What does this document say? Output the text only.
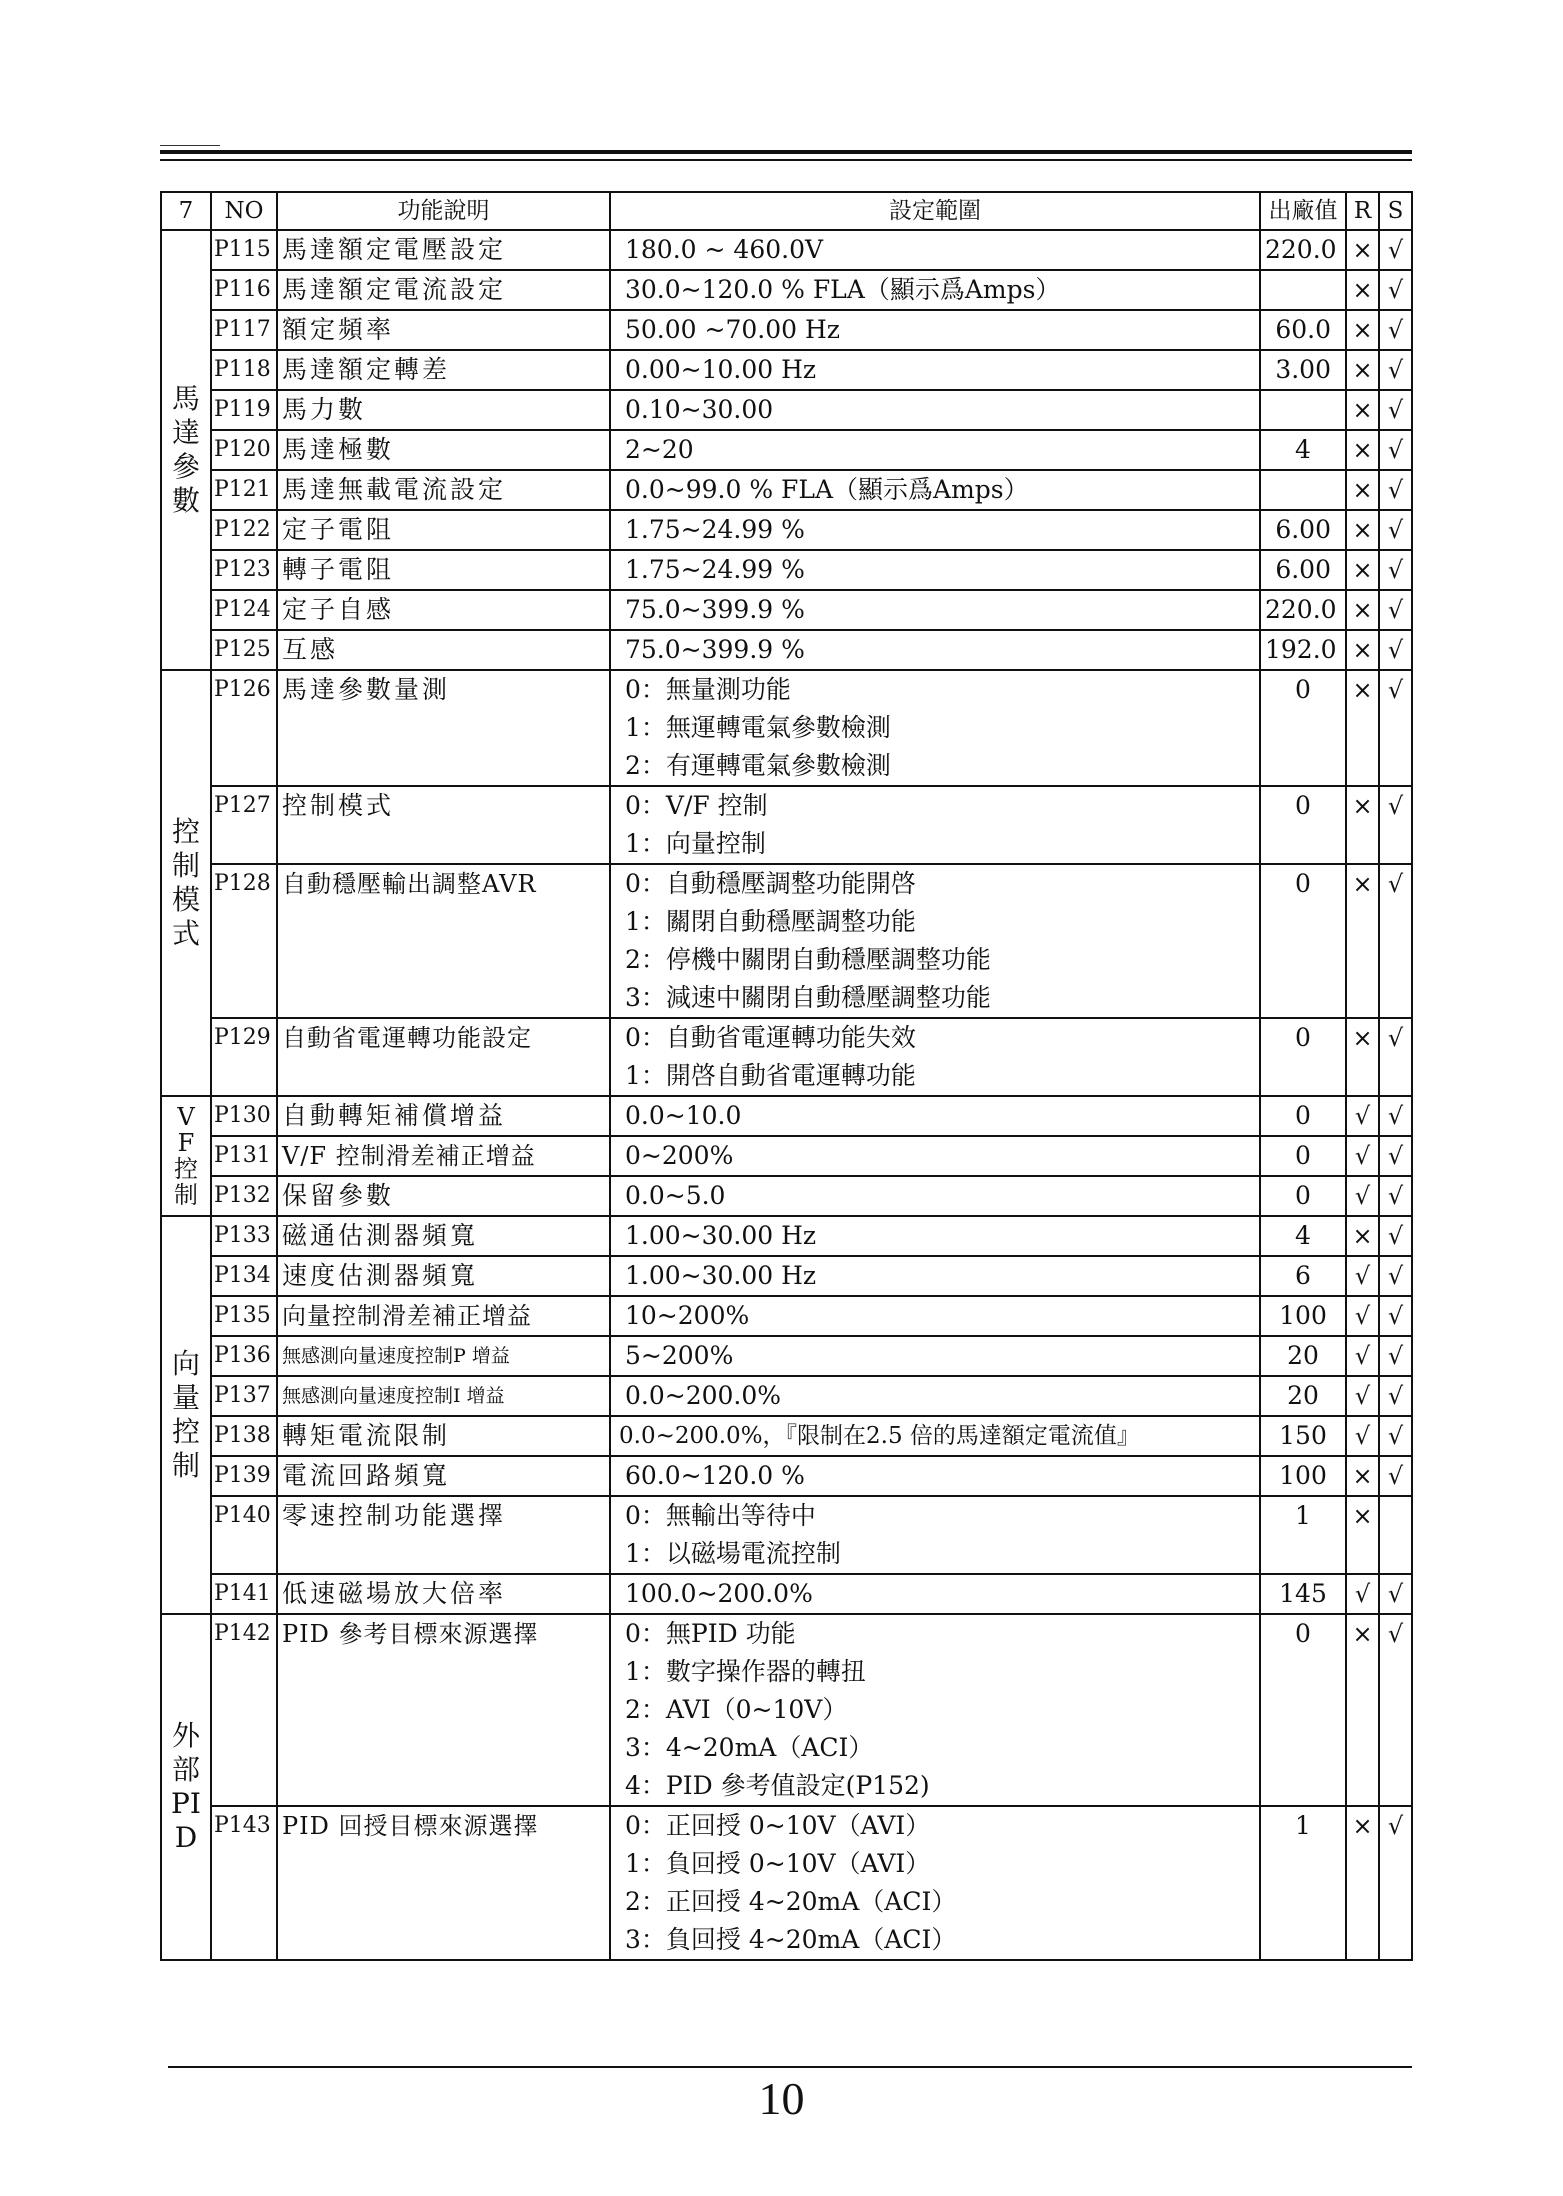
7	NO	功能說明	設定範圍	出廠值	R	S
馬達參數	P115	馬達額定電壓設定	180.0 ~ 460.0V	220.0	×	√
	P116	馬達額定電流設定	30.0~120.0 % FLA（顯示爲Amps）		×	√
	P117	額定頻率	50.00 ~70.00 Hz	60.0	×	√
	P118	馬達額定轉差	0.00~10.00 Hz	3.00	×	√
	P119	馬力數	0.10~30.00		×	√
	P120	馬達極數	2~20	4	×	√
	P121	馬達無載電流設定	0.0~99.0 % FLA（顯示爲Amps）		×	√
	P122	定子電阻	1.75~24.99 %	6.00	×	√
	P123	轉子電阻	1.75~24.99 %	6.00	×	√
	P124	定子自感	75.0~399.9 %	220.0	×	√
	P125	互感	75.0~399.9 %	192.0	×	√
控制模式	P126	馬達參數量測	0：無量測功能
1：無運轉電氣參數檢測
2：有運轉電氣參數檢測	0	×	√
	P127	控制模式	0：V/F 控制
1：向量控制	0	×	√
	P128	自動穩壓輸出調整AVR	0：自動穩壓調整功能開啓
1：關閉自動穩壓調整功能
2：停機中關閉自動穩壓調整功能
3：減速中關閉自動穩壓調整功能	0	×	√
	P129	自動省電運轉功能設定	0：自動省電運轉功能失效
1：開啓自動省電運轉功能	0	×	√
VF控制	P130	自動轉矩補償增益	0.0~10.0	0	√	√
	P131	V/F 控制滑差補正增益	0~200%	0	√	√
	P132	保留參數	0.0~5.0	0	√	√
向量控制	P133	磁通估測器頻寬	1.00~30.00 Hz	4	×	√
	P134	速度估測器頻寬	1.00~30.00 Hz	6	√	√
	P135	向量控制滑差補正增益	10~200%	100	√	√
	P136	無感測向量速度控制P 增益	5~200%	20	√	√
	P137	無感測向量速度控制I 增益	0.0~200.0%	20	√	√
	P138	轉矩電流限制	0.0~200.0%，『限制在2.5 倍的馬達額定電流值』	150	√	√
	P139	電流回路頻寬	60.0~120.0 %	100	×	√
	P140	零速控制功能選擇	0：無輸出等待中
1：以磁場電流控制	1	×	
	P141	低速磁場放大倍率	100.0~200.0%	145	√	√
外部PID	P142	PID 參考目標來源選擇	0：無PID 功能
1：數字操作器的轉扭
2：AVI（0~10V）
3：4~20mA（ACI）
4：PID 參考值設定(P152)	0	×	√
	P143	PID 回授目標來源選擇	0：正回授 0~10V（AVI）
1：負回授 0~10V（AVI）
2：正回授 4~20mA（ACI）
3：負回授 4~20mA（ACI）	1	×	√
10
